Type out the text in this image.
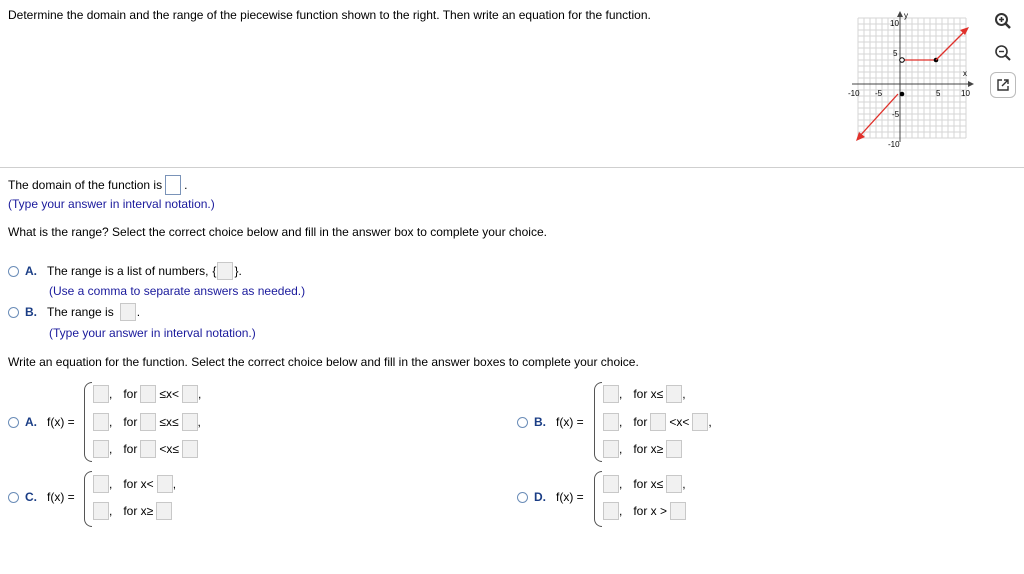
Determine the domain and the range of the piecewise function shown to the right. Then write an equation for the function.
x
y
-10 -5	5	10
10
5
-5
-10
The domain of the function is .
(Type your answer in interval notation.)
What is the range? Select the correct choice below and fill in the answer box to complete your choice.
A. The range is a list of numbers, { }.
(Use a comma to separate answers as needed.)
B. The range is .
(Type your answer in interval notation.)
Write an equation for the function. Select the correct choice below and fill in the answer boxes to complete your choice.
A. f(x) =
, for ≤x< ,
, for ≤x≤ ,
, for <x≤
B. f(x) =
, for x≤ ,
, for <x< ,
, for x≥
C. f(x) =
, for x< ,
, for x≥
D. f(x) =
, for x≤ ,
, for x >
